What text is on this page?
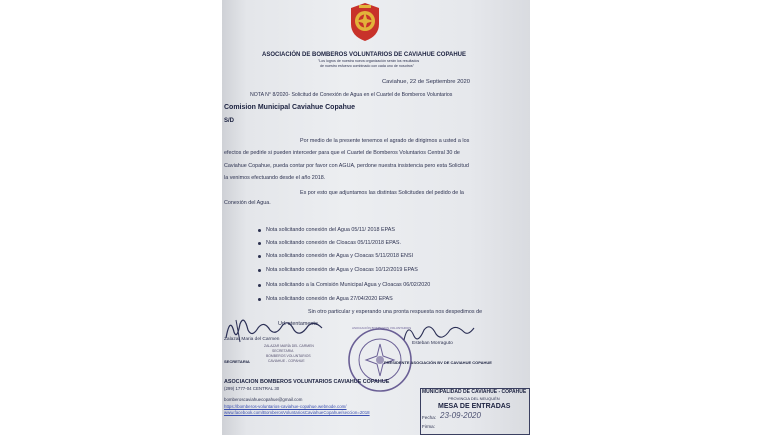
ASOCIACIÓN DE BOMBEROS VOLUNTARIOS DE CAVIAHUE COPAHUE
"Los logros de nuestra nueva organización serán los resultados
de nuestro esfuerzo combinado con cada uno de nosotros"
Caviahue, 22 de Septiembre 2020
NOTA N° 8/2020- Solicitud de Conexión de Agua en el Cuartel de Bomberos Voluntarios
Comision Municipal Caviahue Copahue
S/D
Por medio de la presente tenemos el agrado de dirigirnos a usted a los
efectos de pedirle si pueden interceder para que el Cuartel de Bomberos Voluntarios Central 30 de
Caviahue Copahue, pueda contar por favor con AGUA, perdone nuestra insistencia pero esta Solicitud
la venimos efectuando desde el año 2018.
Es por esto que adjuntamos las distintas Solicitudes del pedido de la
Conexión del Agua.
Nota solicitando conexión del Agua 05/11/ 2018 EPAS
Nota solicitando conexión de Cloacas 05/11/2018 EPAS.
Nota solicitando conexión de Agua y Cloacas 5/11/2018 ENSI
Nota solicitando conexión de Agua y Cloacas 10/12/2019 EPAS
Nota solicitando a la Comisión Municipal Agua y Cloacas 06/02/2020
Nota solicitando conexión de Agua 27/04/2020 EPAS
Sin otro particular y esperando una pronta respuesta nos despedimos de
Ud. atentamente.
Zalazar Maria del Carmen
ZALAZAR MARÍA DEL CARMEN
SECRETARIA
BOMBEROS VOLUNTARIOS
CAVIAHUE - COPAHUE
SECRETARIA
ASOCIACIÓN BOMBEROS VOLUNTARIOS
Esteban Morraguto
PRESIDENTE ASOCIACIÓN BV DE CAVIAHUE COPAHUE
ASOCIACION BOMBEROS VOLUNTARIOS CAVIAHUE COPAHUE
(299) 1777-04 CENTRAL 30
bomberoscaviahuecopahue@gmail.com
https://bomberos-voluntarios-caviahue-copahue.webnode.com/
www.facebook.com/BomberosVoluntariosCaviahueCopahue/seccion=2018
MUNICIPALIDAD DE CAVIAHUE - COPAHUE
PROVINCIA DEL NEUQUÉN
MESA DE ENTRADAS
Fecha: 23-09-2020
Firma:
